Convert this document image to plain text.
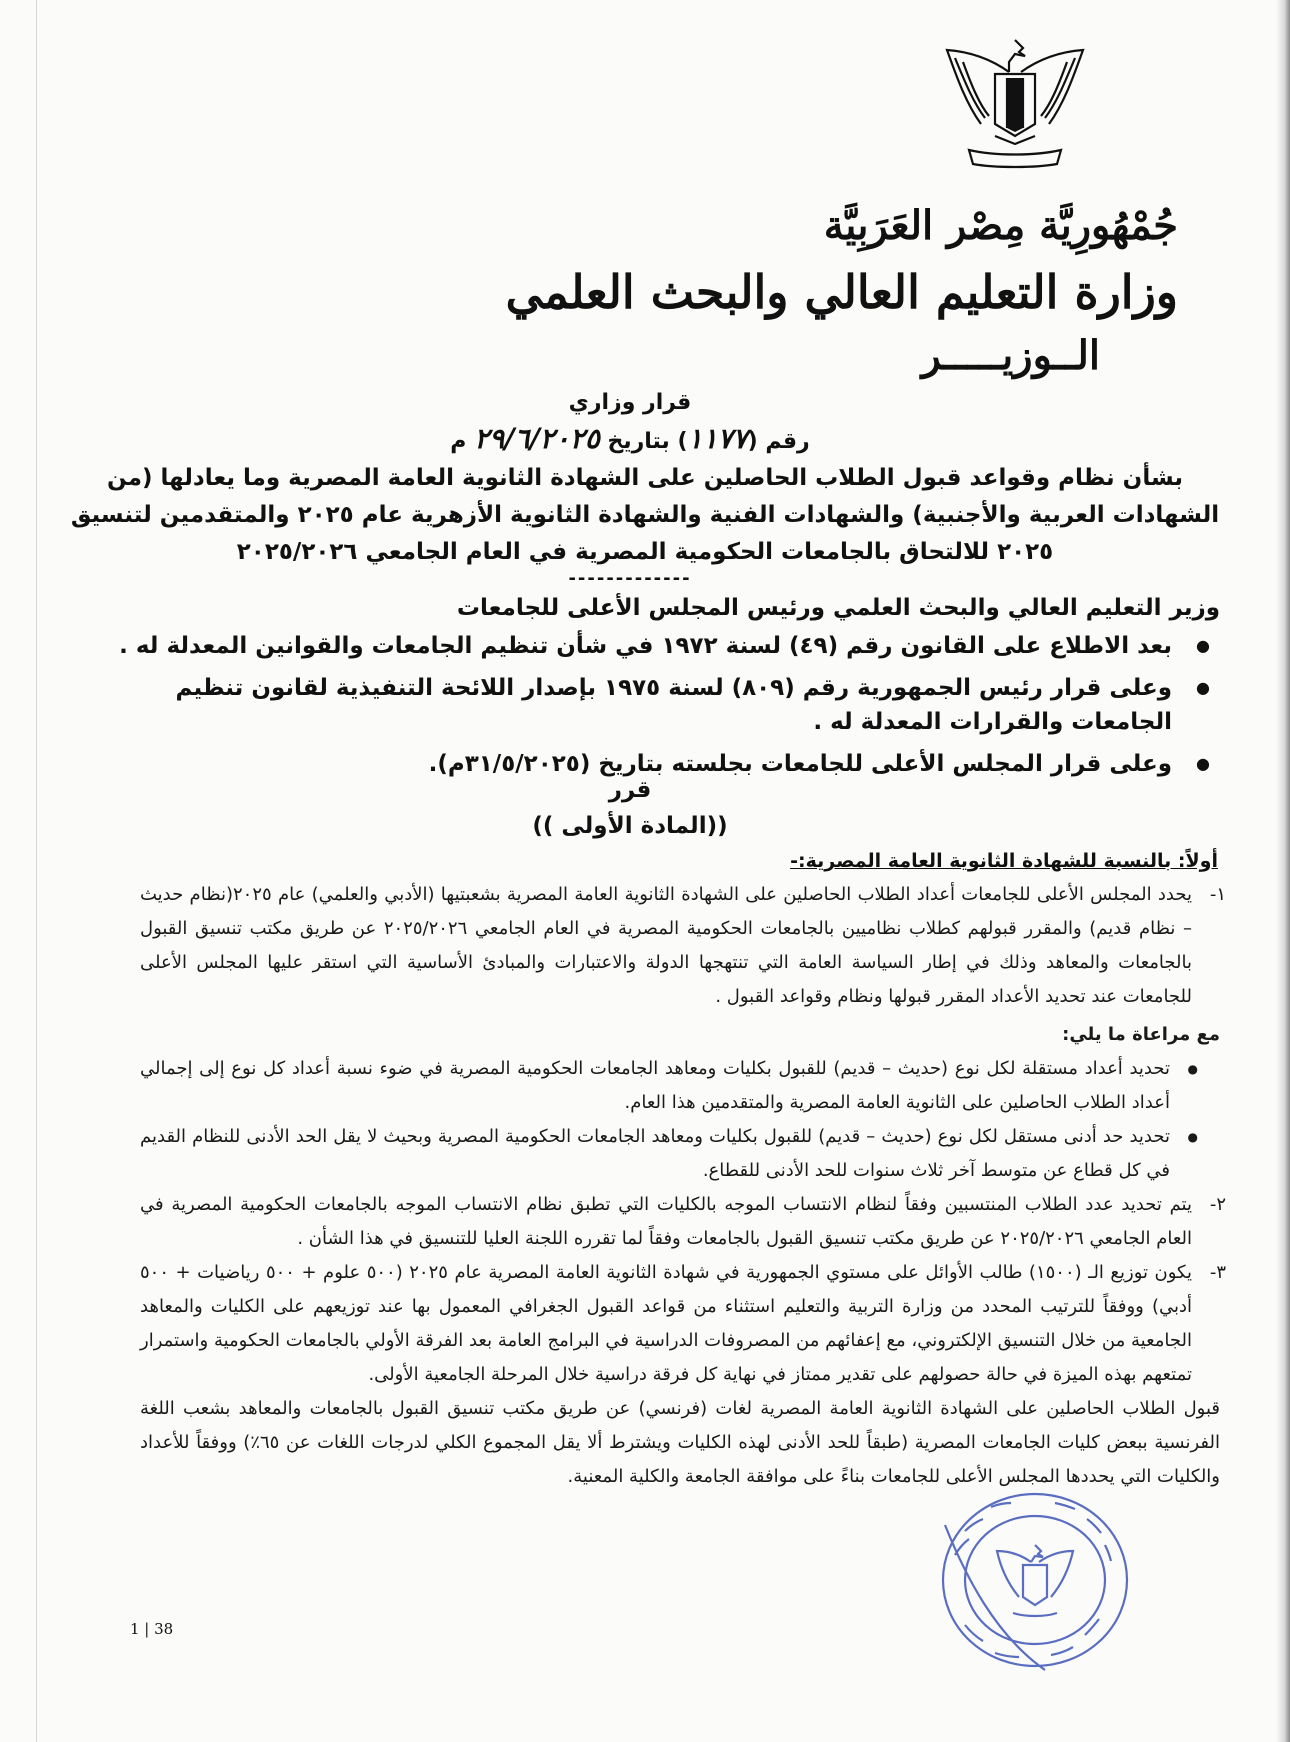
جُمْهُورِيَّة مِصْر العَرَبِيَّة
وزارة التعليم العالي والبحث العلمي
الــوزيـــــر
قرار وزاري
رقم (١١٧٧) بتاريخ ٢٩/٦/٢٠٢٥ م
بشأن نظام وقواعد قبول الطلاب الحاصلين على الشهادة الثانوية العامة المصرية وما يعادلها (من الشهادات العربية والأجنبية) والشهادات الفنية والشهادة الثانوية الأزهرية عام ٢٠٢٥ والمتقدمين لتنسيق ٢٠٢٥ للالتحاق بالجامعات الحكومية المصرية في العام الجامعي ٢٠٢٥/٢٠٢٦
-------------

وزير التعليم العالي والبحث العلمي ورئيس المجلس الأعلى للجامعات

● بعد الاطلاع على القانون رقم (٤٩) لسنة ١٩٧٢ في شأن تنظيم الجامعات والقوانين المعدلة له .
● وعلى قرار رئيس الجمهورية رقم (٨٠٩) لسنة ١٩٧٥ بإصدار اللائحة التنفيذية لقانون تنظيم الجامعات والقرارات المعدلة له .
● وعلى قرار المجلس الأعلى للجامعات بجلسته بتاريخ (٣١/٥/٢٠٢٥م).
قرر
((المادة الأولى ))
أولاً: بالنسبة للشهادة الثانوية العامة المصرية:-

١-
يحدد المجلس الأعلى للجامعات أعداد الطلاب الحاصلين على الشهادة الثانوية العامة المصرية بشعبتيها (الأدبي والعلمي) عام ٢٠٢٥(نظام حديث – نظام قديم) والمقرر قبولهم كطلاب نظاميين بالجامعات الحكومية المصرية في العام الجامعي ٢٠٢٥/٢٠٢٦ عن طريق مكتب تنسيق القبول بالجامعات والمعاهد وذلك في إطار السياسة العامة التي تنتهجها الدولة والاعتبارات والمبادئ الأساسية التي استقر عليها المجلس الأعلى للجامعات عند تحديد الأعداد المقرر قبولها ونظام وقواعد القبول .

مع مراعاة ما يلي:

● تحديد أعداد مستقلة لكل نوع (حديث – قديم) للقبول بكليات ومعاهد الجامعات الحكومية المصرية في ضوء نسبة أعداد كل نوع إلى إجمالي أعداد الطلاب الحاصلين على الثانوية العامة المصرية والمتقدمين هذا العام.
● تحديد حد أدنى مستقل لكل نوع (حديث – قديم) للقبول بكليات ومعاهد الجامعات الحكومية المصرية وبحيث لا يقل الحد الأدنى للنظام القديم في كل قطاع عن متوسط آخر ثلاث سنوات للحد الأدنى للقطاع.

٢-
يتم تحديد عدد الطلاب المنتسبين وفقاً لنظام الانتساب الموجه بالكليات التي تطبق نظام الانتساب الموجه بالجامعات الحكومية المصرية في العام الجامعي ٢٠٢٥/٢٠٢٦ عن طريق مكتب تنسيق القبول بالجامعات وفقاً لما تقرره اللجنة العليا للتنسيق في هذا الشأن .

٣-
يكون توزيع الـ (١٥٠٠) طالب الأوائل على مستوي الجمهورية في شهادة الثانوية العامة المصرية عام ٢٠٢٥ (٥٠٠ علوم + ٥٠٠ رياضيات + ٥٠٠ أدبي) ووفقاً للترتيب المحدد من وزارة التربية والتعليم استثناء من قواعد القبول الجغرافي المعمول بها عند توزيعهم على الكليات والمعاهد الجامعية من خلال التنسيق الإلكتروني، مع إعفائهم من المصروفات الدراسية في البرامج العامة بعد الفرقة الأولي بالجامعات الحكومية واستمرار تمتعهم بهذه الميزة في حالة حصولهم على تقدير ممتاز في نهاية كل فرقة دراسية خلال المرحلة الجامعية الأولى.

قبول الطلاب الحاصلين على الشهادة الثانوية العامة المصرية لغات (فرنسي) عن طريق مكتب تنسيق القبول بالجامعات والمعاهد بشعب اللغة الفرنسية ببعض كليات الجامعات المصرية (طبقاً للحد الأدنى لهذه الكليات ويشترط ألا يقل المجموع الكلي لدرجات اللغات عن ٦٥٪) ووفقاً للأعداد والكليات التي يحددها المجلس الأعلى للجامعات بناءً على موافقة الجامعة والكلية المعنية.

1 | 38
